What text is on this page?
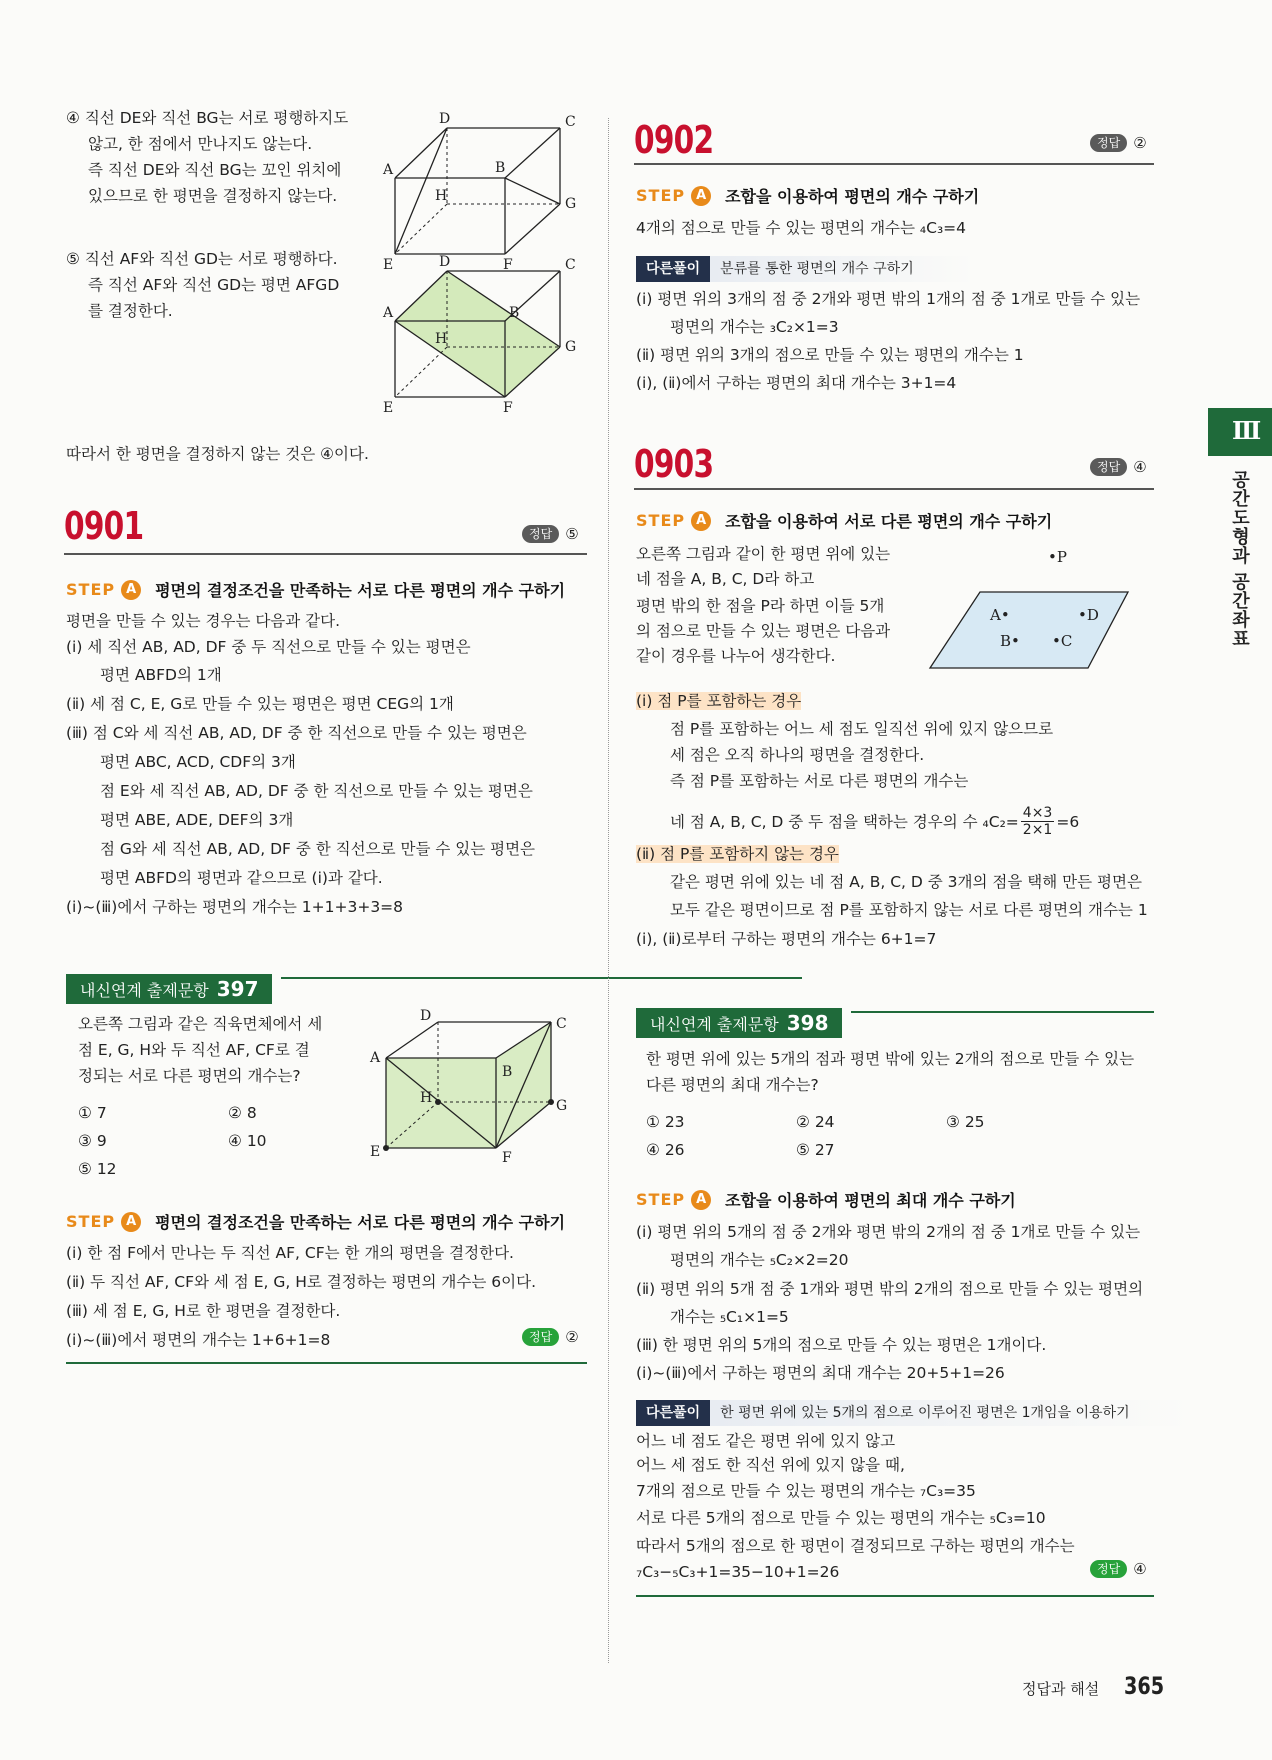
④ 직선 DE와 직선 BG는 서로 평행하지도
않고, 한 점에서 만나지도 않는다.
즉 직선 DE와 직선 BG는 꼬인 위치에
있으므로 한 평면을 결정하지 않는다.
D	C
A	B
H	G
E	F
⑤ 직선 AF와 직선 GD는 서로 평행하다.
즉 직선 AF와 직선 GD는 평면 AFGD
를 결정한다.
D	C
A	B
H	G
E	F
따라서 한 평면을 결정하지 않는 것은 ④이다.
0901	정답 ⑤
STEP A	평면의 결정조건을 만족하는 서로 다른 평면의 개수 구하기
평면을 만들 수 있는 경우는 다음과 같다.
(ⅰ) 세 직선 AB, AD, DF 중 두 직선으로 만들 수 있는 평면은
평면 ABFD의 1개
(ⅱ) 세 점 C, E, G로 만들 수 있는 평면은 평면 CEG의 1개
(ⅲ) 점 C와 세 직선 AB, AD, DF 중 한 직선으로 만들 수 있는 평면은
평면 ABC, ACD, CDF의 3개
점 E와 세 직선 AB, AD, DF 중 한 직선으로 만들 수 있는 평면은
평면 ABE, ADE, DEF의 3개
점 G와 세 직선 AB, AD, DF 중 한 직선으로 만들 수 있는 평면은
평면 ABFD의 평면과 같으므로 (ⅰ)과 같다.
(ⅰ)~(ⅲ)에서 구하는 평면의 개수는 1+1+3+3=8
내신연계 출제문항 397
오른쪽 그림과 같은 직육면체에서 세
점 E, G, H와 두 직선 AF, CF로 결
정되는 서로 다른 평면의 개수는?
① 7	② 8
③ 9	④ 10
⑤ 12
D	C
A
B
H	G
E	F
STEP A	평면의 결정조건을 만족하는 서로 다른 평면의 개수 구하기
(ⅰ) 한 점 F에서 만나는 두 직선 AF, CF는 한 개의 평면을 결정한다.
(ⅱ) 두 직선 AF, CF와 세 점 E, G, H로 결정하는 평면의 개수는 6이다.
(ⅲ) 세 점 E, G, H로 한 평면을 결정한다.
(ⅰ)~(ⅲ)에서 평면의 개수는 1+6+1=8	정답 ②
0902	정답 ②
STEP A	조합을 이용하여 평면의 개수 구하기
4개의 점으로 만들 수 있는 평면의 개수는 ₄C₃=4
다른풀이	분류를 통한 평면의 개수 구하기
(ⅰ) 평면 위의 3개의 점 중 2개와 평면 밖의 1개의 점 중 1개로 만들 수 있는
평면의 개수는 ₃C₂×1=3
(ⅱ) 평면 위의 3개의 점으로 만들 수 있는 평면의 개수는 1
(ⅰ), (ⅱ)에서 구하는 평면의 최대 개수는 3+1=4
0903	정답 ④
STEP A	조합을 이용하여 서로 다른 평면의 개수 구하기
오른쪽 그림과 같이 한 평면 위에 있는
네 점을 A, B, C, D라 하고
평면 밖의 한 점을 P라 하면 이들 5개
의 점으로 만들 수 있는 평면은 다음과
같이 경우를 나누어 생각한다.
•P
A•	•D
B• •C
(ⅰ) 점 P를 포함하는 경우
점 P를 포함하는 어느 세 점도 일직선 위에 있지 않으므로
세 점은 오직 하나의 평면을 결정한다.
즉 점 P를 포함하는 서로 다른 평면의 개수는
네 점 A, B, C, D 중 두 점을 택하는 경우의 수 $_4C_2= \frac{4\times 3}{2\times 1} =6$
(ⅱ) 점 P를 포함하지 않는 경우
같은 평면 위에 있는 네 점 A, B, C, D 중 3개의 점을 택해 만든 평면은
모두 같은 평면이므로 점 P를 포함하지 않는 서로 다른 평면의 개수는 1
(ⅰ), (ⅱ)로부터 구하는 평면의 개수는 6+1=7
내신연계 출제문항 398
한 평면 위에 있는 5개의 점과 평면 밖에 있는 2개의 점으로 만들 수 있는
다른 평면의 최대 개수는?
① 23	② 24	③ 25
④ 26	⑤ 27
STEP A	조합을 이용하여 평면의 최대 개수 구하기
(ⅰ) 평면 위의 5개의 점 중 2개와 평면 밖의 2개의 점 중 1개로 만들 수 있는
평면의 개수는 ₅C₂×2=20
(ⅱ) 평면 위의 5개 점 중 1개와 평면 밖의 2개의 점으로 만들 수 있는 평면의
개수는 ₅C₁×1=5
(ⅲ) 한 평면 위의 5개의 점으로 만들 수 있는 평면은 1개이다.
(ⅰ)~(ⅲ)에서 구하는 평면의 최대 개수는 20+5+1=26
다른풀이	한 평면 위에 있는 5개의 점으로 이루어진 평면은 1개임을 이용하기
어느 네 점도 같은 평면 위에 있지 않고
어느 세 점도 한 직선 위에 있지 않을 때,
7개의 점으로 만들 수 있는 평면의 개수는 ₇C₃=35
서로 다른 5개의 점으로 만들 수 있는 평면의 개수는 ₅C₃=10
따라서 5개의 점으로 한 평면이 결정되므로 구하는 평면의 개수는
₇C₃−₅C₃+1=35−10+1=26	정답 ④
Ⅲ
공간도형과 공간좌표
정답과 해설 365
